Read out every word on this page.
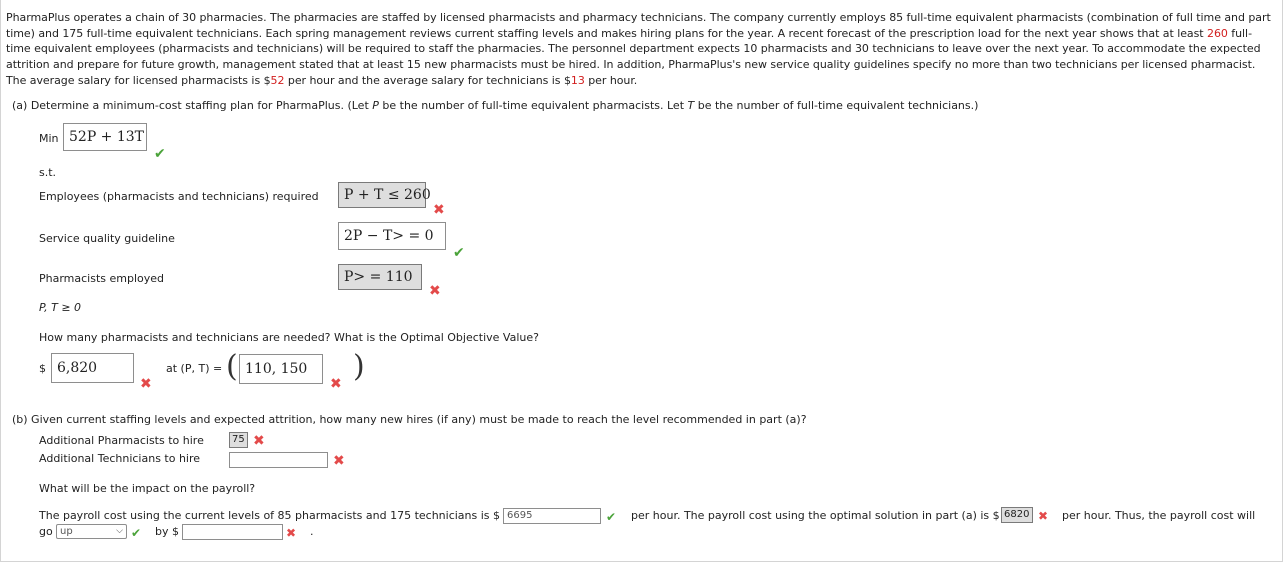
PharmaPlus operates a chain of 30 pharmacies. The pharmacies are staffed by licensed pharmacists and pharmacy technicians. The company currently employs 85 full-time equivalent pharmacists (combination of full time and part time) and 175 full-time equivalent technicians. Each spring management reviews current staffing levels and makes hiring plans for the year. A recent forecast of the prescription load for the next year shows that at least 260 full-time equivalent employees (pharmacists and technicians) will be required to staff the pharmacies. The personnel department expects 10 pharmacists and 30 technicians to leave over the next year. To accommodate the expected attrition and prepare for future growth, management stated that at least 15 new pharmacists must be hired. In addition, PharmaPlus's new service quality guidelines specify no more than two technicians per licensed pharmacist. The average salary for licensed pharmacists is $52 per hour and the average salary for technicians is $13 per hour.
(a) Determine a minimum-cost staffing plan for PharmaPlus. (Let P be the number of full-time equivalent pharmacists. Let T be the number of full-time equivalent technicians.)
Min 52P + 13T
✔
s.t.
Employees (pharmacists and technicians) required	P + T ≤ 260
✖
Service quality guideline	2P − T> = 0
✔
Pharmacists employed	P> = 110
✖
P, T ≥ 0
How many pharmacists and technicians are needed? What is the Optimal Objective Value?
$ 6,820
✖
at (P, T) = ( 110, 150
✖ )
(b) Given current staffing levels and expected attrition, how many new hires (if any) must be made to reach the level recommended in part (a)?
Additional Pharmacists to hire	75 ✖
Additional Technicians to hire	✖
What will be the impact on the payroll?
The payroll cost using the current levels of 85 pharmacists and 175 technicians is $ 6695	✔ per hour. The payroll cost using the optimal solution in part (a) is $ 6820 ✖ per hour. Thus, the payroll cost will
go up	⌵ ✔ by $	✖ .
